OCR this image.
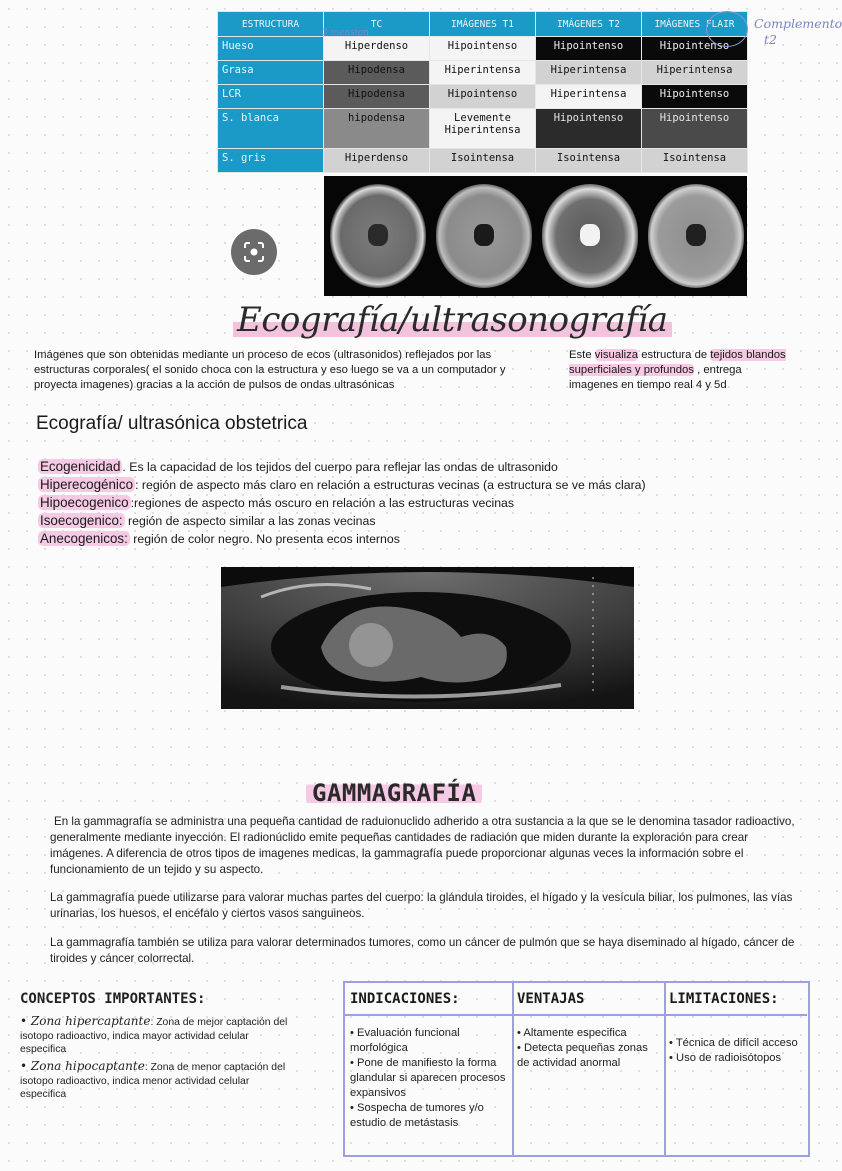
ESTRUCTURA	TC	IMÁGENES T1	IMÁGENES T2	IMÁGENES FLAIR
Hueso	Hiperdenso	Hipointenso	Hipointenso	Hipointenso
Grasa	Hipodensa	Hiperintensa	Hiperintensa	Hiperintensa
LCR	Hipodensa	Hipointenso	Hiperintensa	Hipointenso
S. blanca	hipodensa	Levemente Hiperintensa	Hipointenso	Hipointenso
S. gris	Hiperdenso	Isointensa	Isointensa	Isointensa
Complemento
t2
3 mension
Ecografía/ultrasonografía
Imágenes que son obtenidas mediante un proceso de ecos (ultrasonidos) reflejados por las estructuras corporales( el sonido choca con la estructura y eso luego se va a un computador y proyecta imagenes) gracias a la acción de pulsos de ondas ultrasónicas
Este visualiza estructura de tejidos blandos superficiales y profundos , entrega imagenes en tiempo real 4 y 5d
Ecografía/ ultrasónica obstetrica
Ecogenicidad . Es la capacidad de los tejidos del cuerpo para reflejar las ondas de ultrasonido
Hiperecogénico : región de aspecto más claro en relación a estructuras vecinas (a estructura se ve más clara)
Hipoecogenico :regiones de aspecto más oscuro en relación a las estructuras vecinas
Isoecogenico: región de aspecto similar a las zonas vecinas
Anecogenicos: región de color negro. No presenta ecos internos
GAMMAGRAFÍA
En la gammagrafía se administra una pequeña cantidad de raduionuclido adherido a otra sustancia a la que se le denomina tasador radioactivo, generalmente mediante inyección. El radionúclido emite pequeñas cantidades de radiación que miden durante la exploración para crear imágenes. A diferencia de otros tipos de imagenes medicas, la gammagrafía puede proporcionar algunas veces la información sobre el funcionamiento de un tejido y su aspecto.
La gammagrafía puede utilizarse para valorar muchas partes del cuerpo: la glándula tiroides, el hígado y la vesícula biliar, los pulmones, las vías urinarias, los huesos, el encéfalo y ciertos vasos sanguineos.
La gammagrafía también se utiliza para valorar determinados tumores, como un cáncer de pulmón que se haya diseminado al hígado, cáncer de tiroides y cáncer colorrectal.
CONCEPTOS IMPORTANTES:
• Zona hipercaptante: Zona de mejor captación del isotopo radioactivo, indica mayor actividad celular especifica
• Zona hipocaptante: Zona de menor captación del isotopo radioactivo, indica menor actividad celular especifica
INDICACIONES:
• Evaluación funcional morfológica
• Pone de manifiesto la forma glandular si aparecen procesos expansivos
• Sospecha de tumores y/o estudio de metástasis
VENTAJAS
• Altamente especifica
• Detecta pequeñas zonas de actividad anormal
LIMITACIONES:
• Técnica de difícil acceso
• Uso de radioisótopos
